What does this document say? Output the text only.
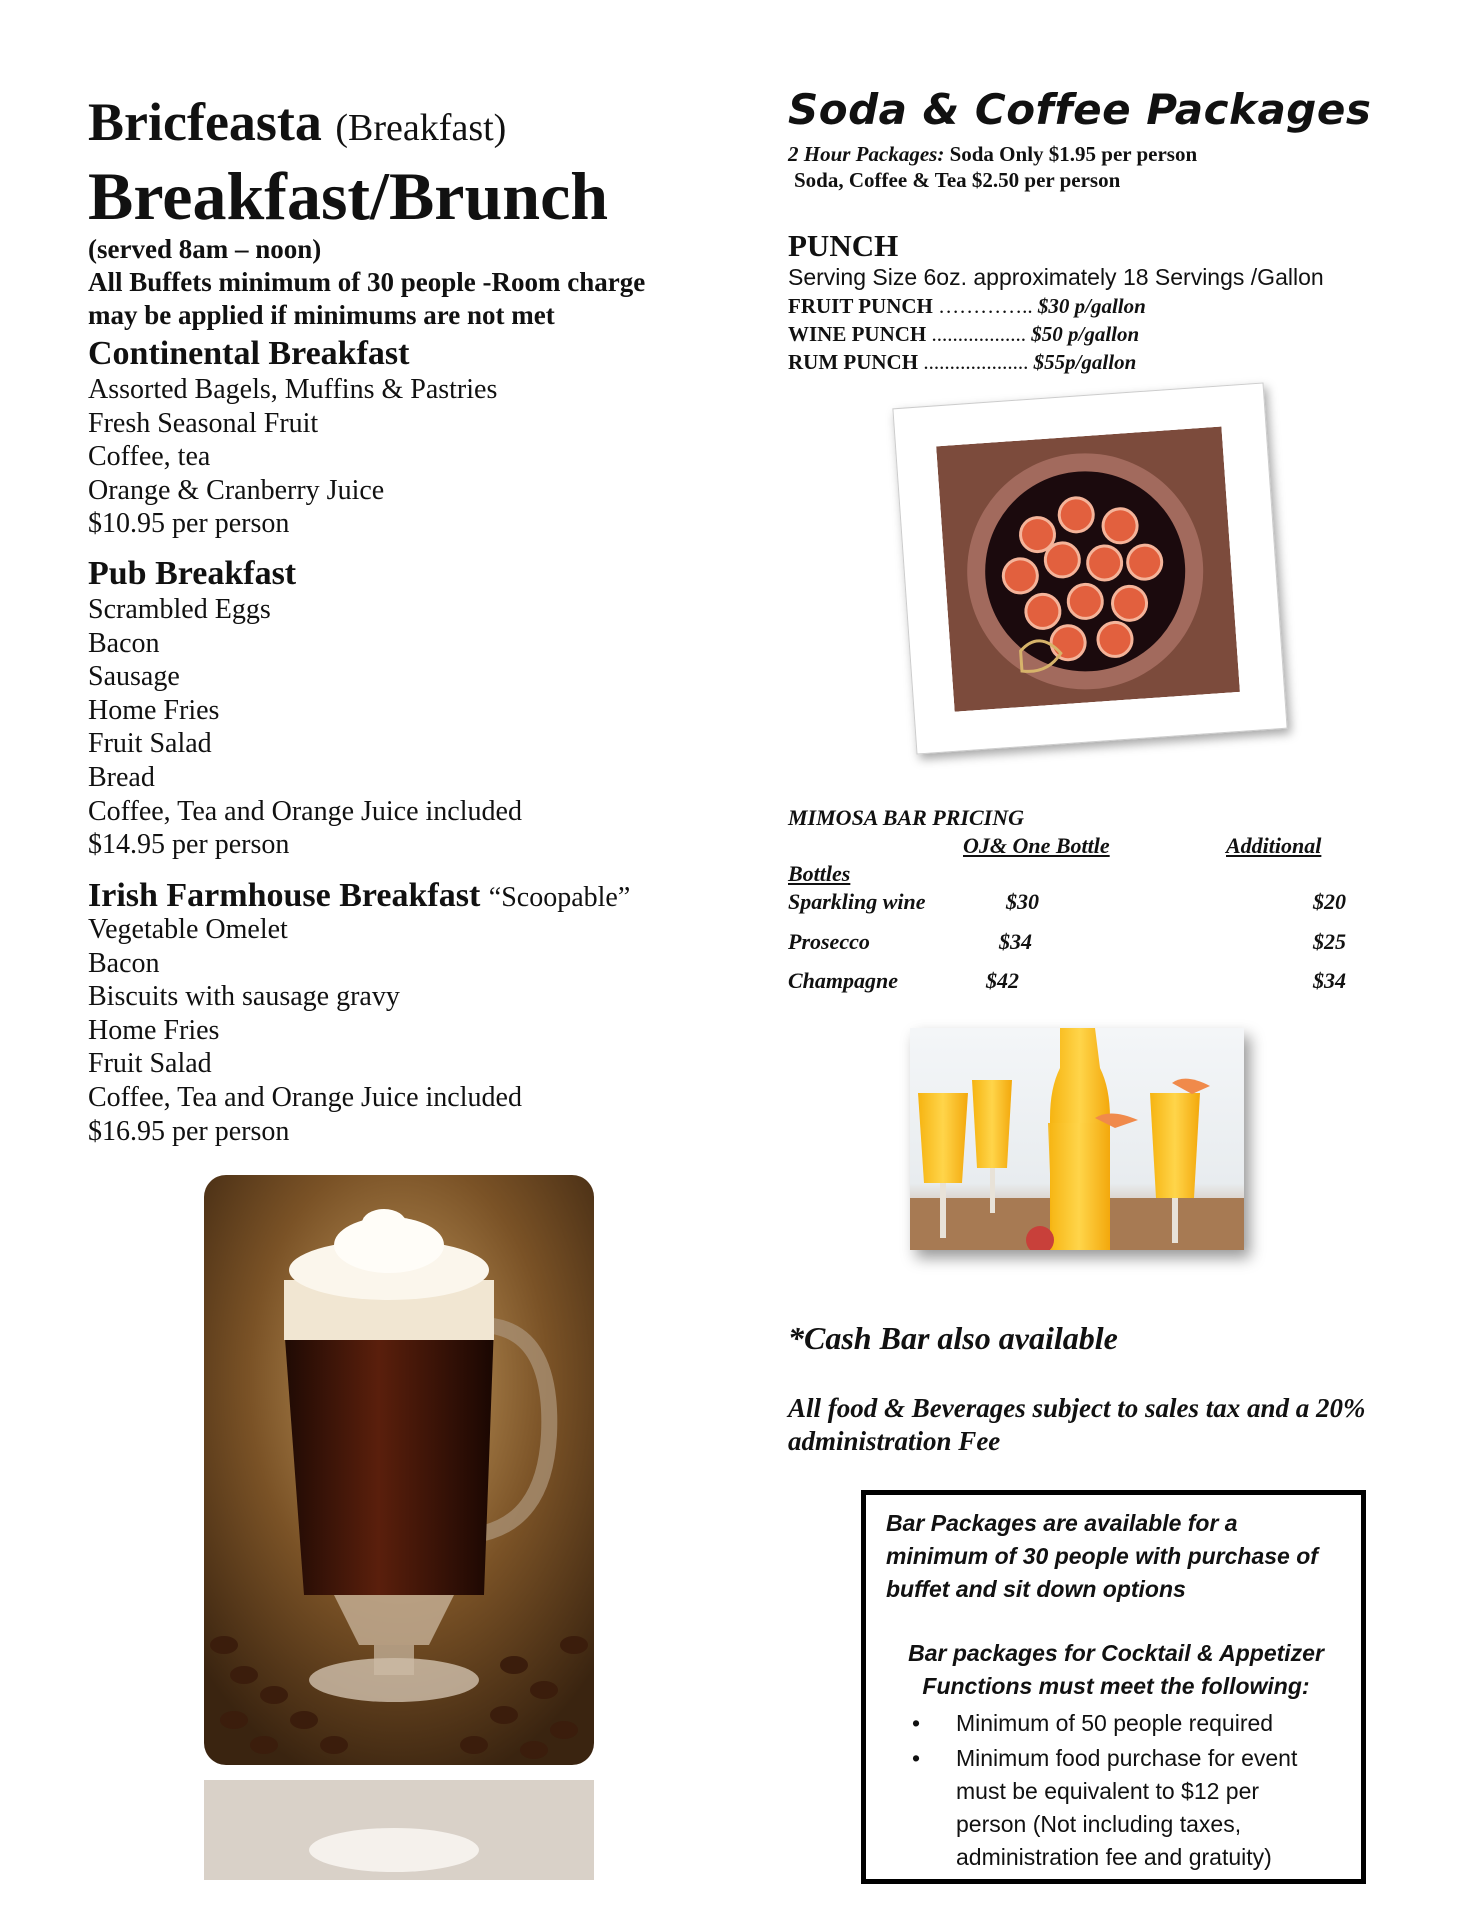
Bricfeasta (Breakfast)
Breakfast/Brunch
(served 8am – noon)
All Buffets minimum of 30 people -Room charge
may be applied if minimums are not met
Continental Breakfast
Assorted Bagels, Muffins & Pastries
Fresh Seasonal Fruit
Coffee, tea
Orange & Cranberry Juice
$10.95 per person
Pub Breakfast
Scrambled Eggs
Bacon
Sausage
Home Fries
Fruit Salad
Bread
Coffee, Tea and Orange Juice included
$14.95 per person
Irish Farmhouse Breakfast “Scoopable”
Vegetable Omelet
Bacon
Biscuits with sausage gravy
Home Fries
Fruit Salad
Coffee, Tea and Orange Juice included
$16.95 per person
Soda & Coffee Packages
2 Hour Packages: Soda Only $1.95 per person
Soda, Coffee & Tea $2.50 per person
PUNCH
Serving Size 6oz. approximately 18 Servings /Gallon
FRUIT PUNCH ………….. $30 p/gallon
WINE PUNCH .................. $50 p/gallon
RUM PUNCH .................... $55p/gallon
MIMOSA BAR PRICING
OJ& One Bottle	Additional
Bottles
Sparkling wine	$30	$20
Prosecco	$34	$25
Champagne	$42	$34
*Cash Bar also available
All food & Beverages subject to sales tax and a 20% administration Fee
Bar Packages are available for a minimum of 30 people with purchase of buffet and sit down options
Bar packages for Cocktail & Appetizer Functions must meet the following:
• Minimum of 50 people required
• Minimum food purchase for event must be equivalent to $12 per person (Not including taxes, administration fee and gratuity)
